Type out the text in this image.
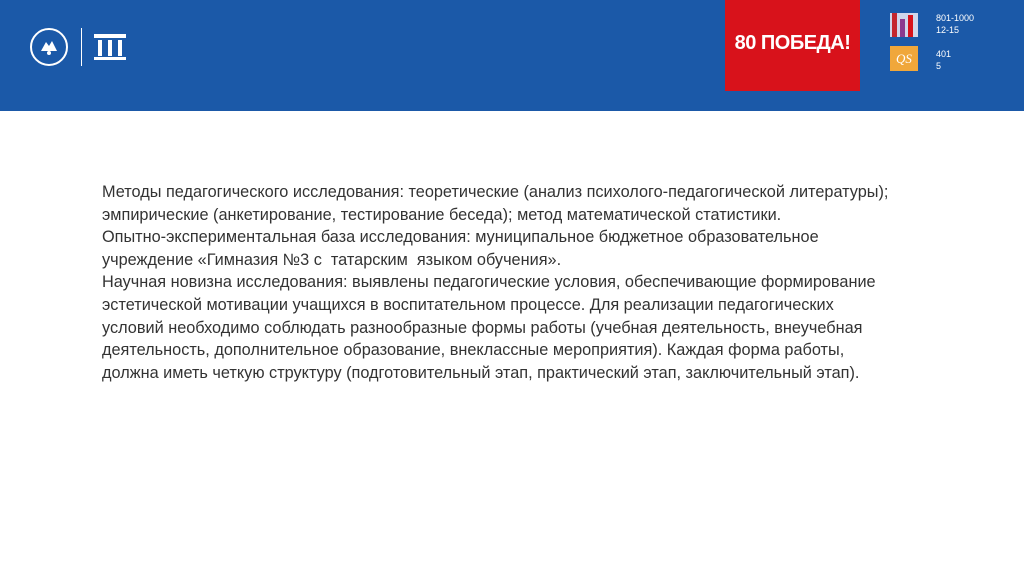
80 ПОБЕДА!
801-1000
12-15
QS	401
5

Методы педагогического исследования: теоретические (анализ психолого-педагогической литературы); эмпирические (анкетирование, тестирование беседа); метод математической статистики.

Опытно-экспериментальная база исследования: муниципальное бюджетное образовательное учреждение «Гимназия №3 с  татарским  языком обучения».

Научная новизна исследования: выявлены педагогические условия, обеспечивающие формирование эстетической мотивации учащихся в воспитательном процессе. Для реализации педагогических условий необходимо соблюдать разнообразные формы работы (учебная деятельность, внеучебная деятельность, дополнительное образование, внеклассные мероприятия). Каждая форма работы, должна иметь четкую структуру (подготовительный этап, практический этап, заключительный этап).
